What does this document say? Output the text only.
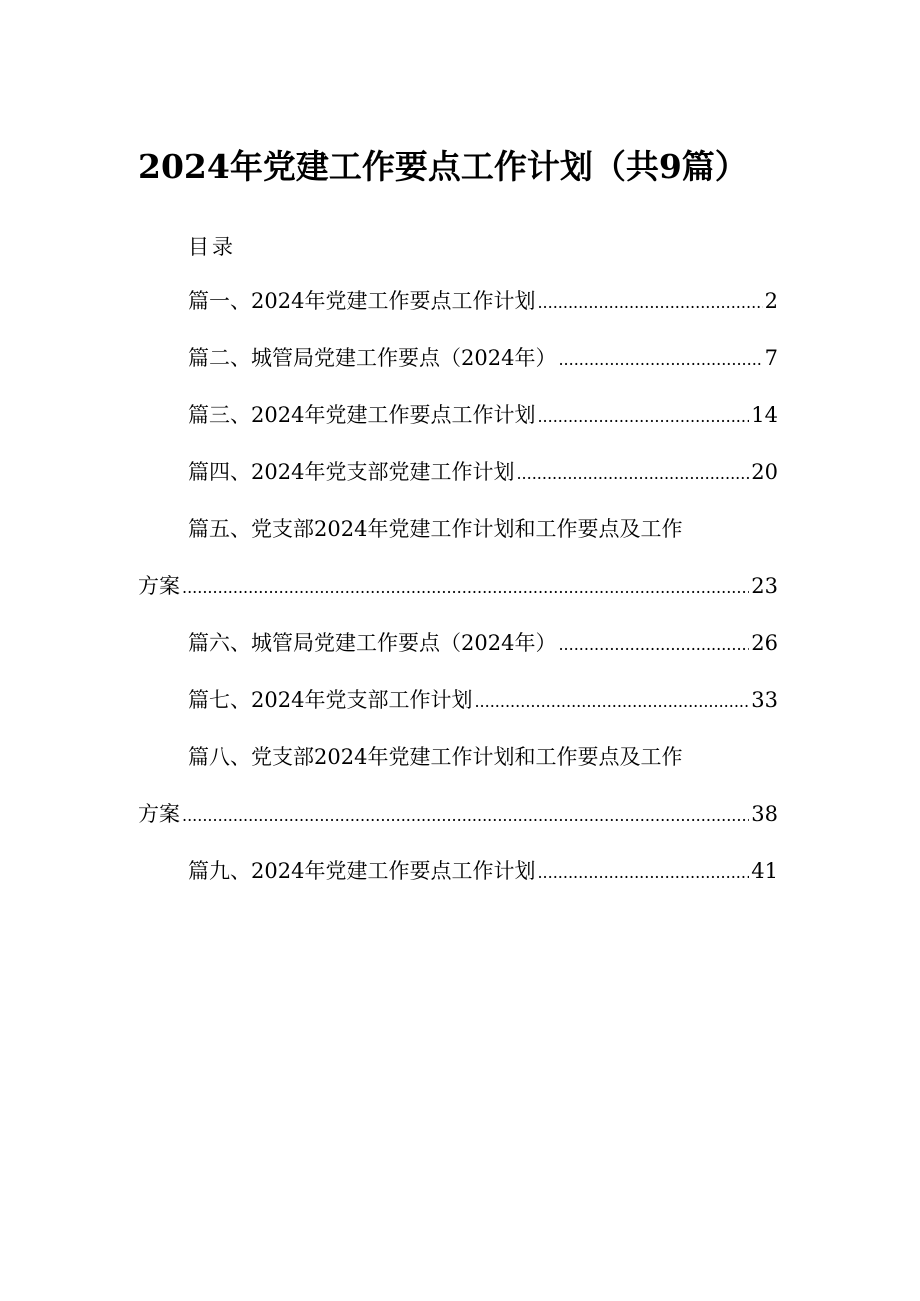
2024年党建工作要点工作计划（共9篇）
目录
篇一、2024年党建工作要点工作计划 .....	2
篇二、城管局党建工作要点（2024年） .....	7
篇三、2024年党建工作要点工作计划 .....	14
篇四、2024年党支部党建工作计划 .....	20
篇五、党支部2024年党建工作计划和工作要点及工作
方案 .....	23
篇六、城管局党建工作要点（2024年） .....	26
篇七、2024年党支部工作计划 .....	33
篇八、党支部2024年党建工作计划和工作要点及工作
方案 .....	38
篇九、2024年党建工作要点工作计划 .....	41
